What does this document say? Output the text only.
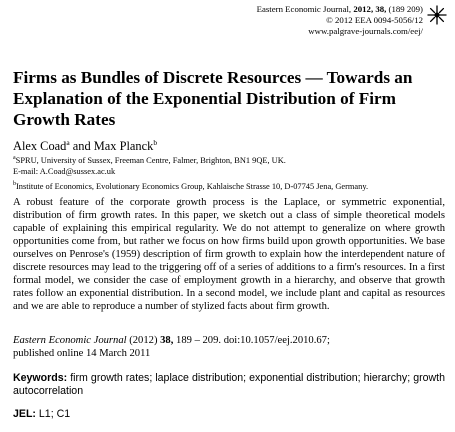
Eastern Economic Journal, 2012, 38, (189 209)
© 2012 EEA 0094-5056/12
www.palgrave-journals.com/eej/
Firms as Bundles of Discrete Resources — Towards an Explanation of the Exponential Distribution of Firm Growth Rates
Alex Coad$^a$ and Max Planck$^b$
$^a$SPRU, University of Sussex, Freeman Centre, Falmer, Brighton, BN1 9QE, UK.
E-mail: A.Coad@sussex.ac.uk
$^b$Institute of Economics, Evolutionary Economics Group, Kahlaische Strasse 10, D-07745 Jena, Germany.

A robust feature of the corporate growth process is the Laplace, or symmetric exponential, distribution of firm growth rates. In this paper, we sketch out a class of simple theoretical models capable of explaining this empirical regularity. We do not attempt to generalize on where growth opportunities come from, but rather we focus on how firms build upon growth opportunities. We base ourselves on Penrose's (1959) description of firm growth to explain how the interdependent nature of discrete resources may lead to the triggering off of a series of additions to a firm's resources. In a first formal model, we consider the case of employment growth in a hierarchy, and observe that growth rates follow an exponential distribution. In a second model, we include plant and capital as resources and we are able to reproduce a number of stylized facts about firm growth.

Eastern Economic Journal (2012) 38, 189 – 209. doi:10.1057/eej.2010.67;
published online 14 March 2011

Keywords: firm growth rates; laplace distribution; exponential distribution; hierarchy; growth autocorrelation

JEL: L1; C1
